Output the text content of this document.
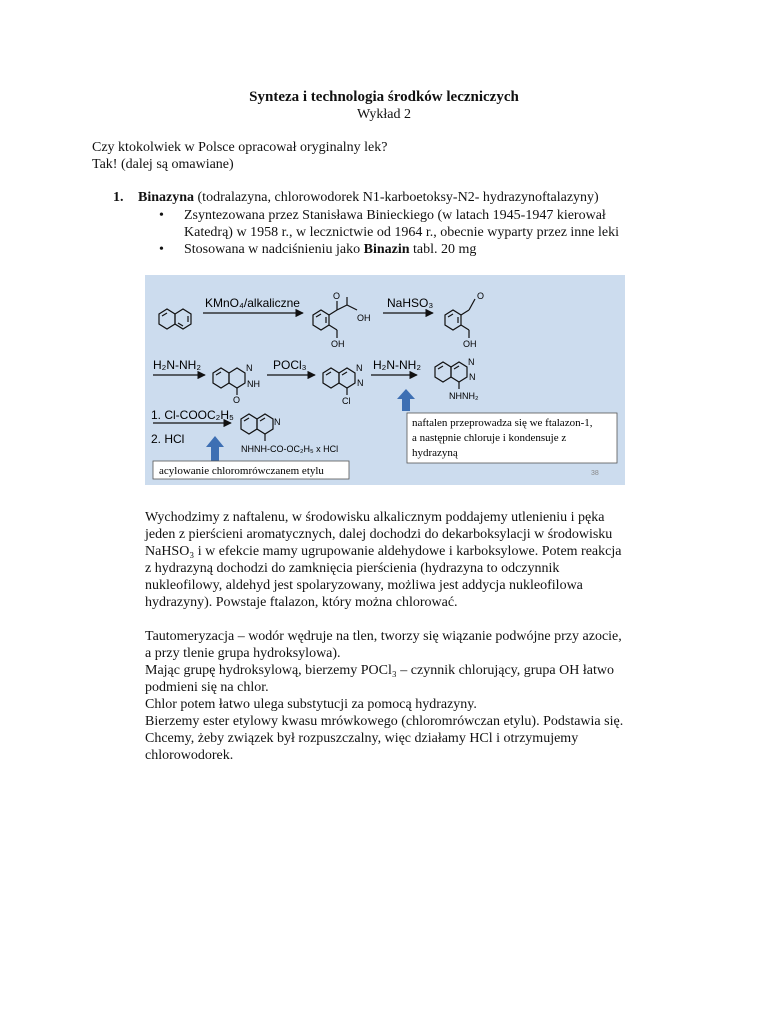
Synteza i technologia środków leczniczych
Wykład 2
Czy ktokolwiek w Polsce opracował oryginalny lek?
Tak! (dalej są omawiane)
1. Binazyna (todralazyna, chlorowodorek N1-karboetoksy-N2- hydrazynoftalazyny)

• Zsyntezowana przez Stanisława Binieckiego (w latach 1945-1947 kierował
Katedrą) w 1958 r., w lecznictwie od 1964 r., obecnie wyparty przez inne leki

• Stosowana w nadciśnieniu jako Binazin tabl. 20 mg

KMnO₄/alkaliczne	O
OH
OH
NaHSO₃	O
OH
H₂N-NH₂	N
NH
O
POCl₃	N
N
Cl
H₂N-NH₂	N
N
NHNH₂
1. Cl-COOC₂H₅
2. HCl
N
NHNH-CO-OC₂H₅ x HCl
naftalen przeprowadza się we ftalazon-1,
a następnie chloruje i kondensuje z
hydrazyną
acylowanie chloromrówczanem etylu	38
Wychodzimy z naftalenu, w środowisku alkalicznym poddajemy utlenieniu i pęka
jeden z pierścieni aromatycznych, dalej dochodzi do dekarboksylacji w środowisku
NaHSO₃ i w efekcie mamy ugrupowanie aldehydowe i karboksylowe. Potem reakcja
z hydrazyną dochodzi do zamknięcia pierścienia (hydrazyna to odczynnik
nukleofilowy, aldehyd jest spolaryzowany, możliwa jest addycja nukleofilowa
hydrazyny). Powstaje ftalazon, który można chlorować.
Tautomeryzacja – wodór wędruje na tlen, tworzy się wiązanie podwójne przy azocie,
a przy tlenie grupa hydroksylowa).
Mając grupę hydroksylową, bierzemy POCl₃ – czynnik chlorujący, grupa OH łatwo
podmieni się na chlor.
Chlor potem łatwo ulega substytucji za pomocą hydrazyny.
Bierzemy ester etylowy kwasu mrówkowego (chloromrówczan etylu). Podstawia się.
Chcemy, żeby związek był rozpuszczalny, więc działamy HCl i otrzymujemy
chlorowodorek.
